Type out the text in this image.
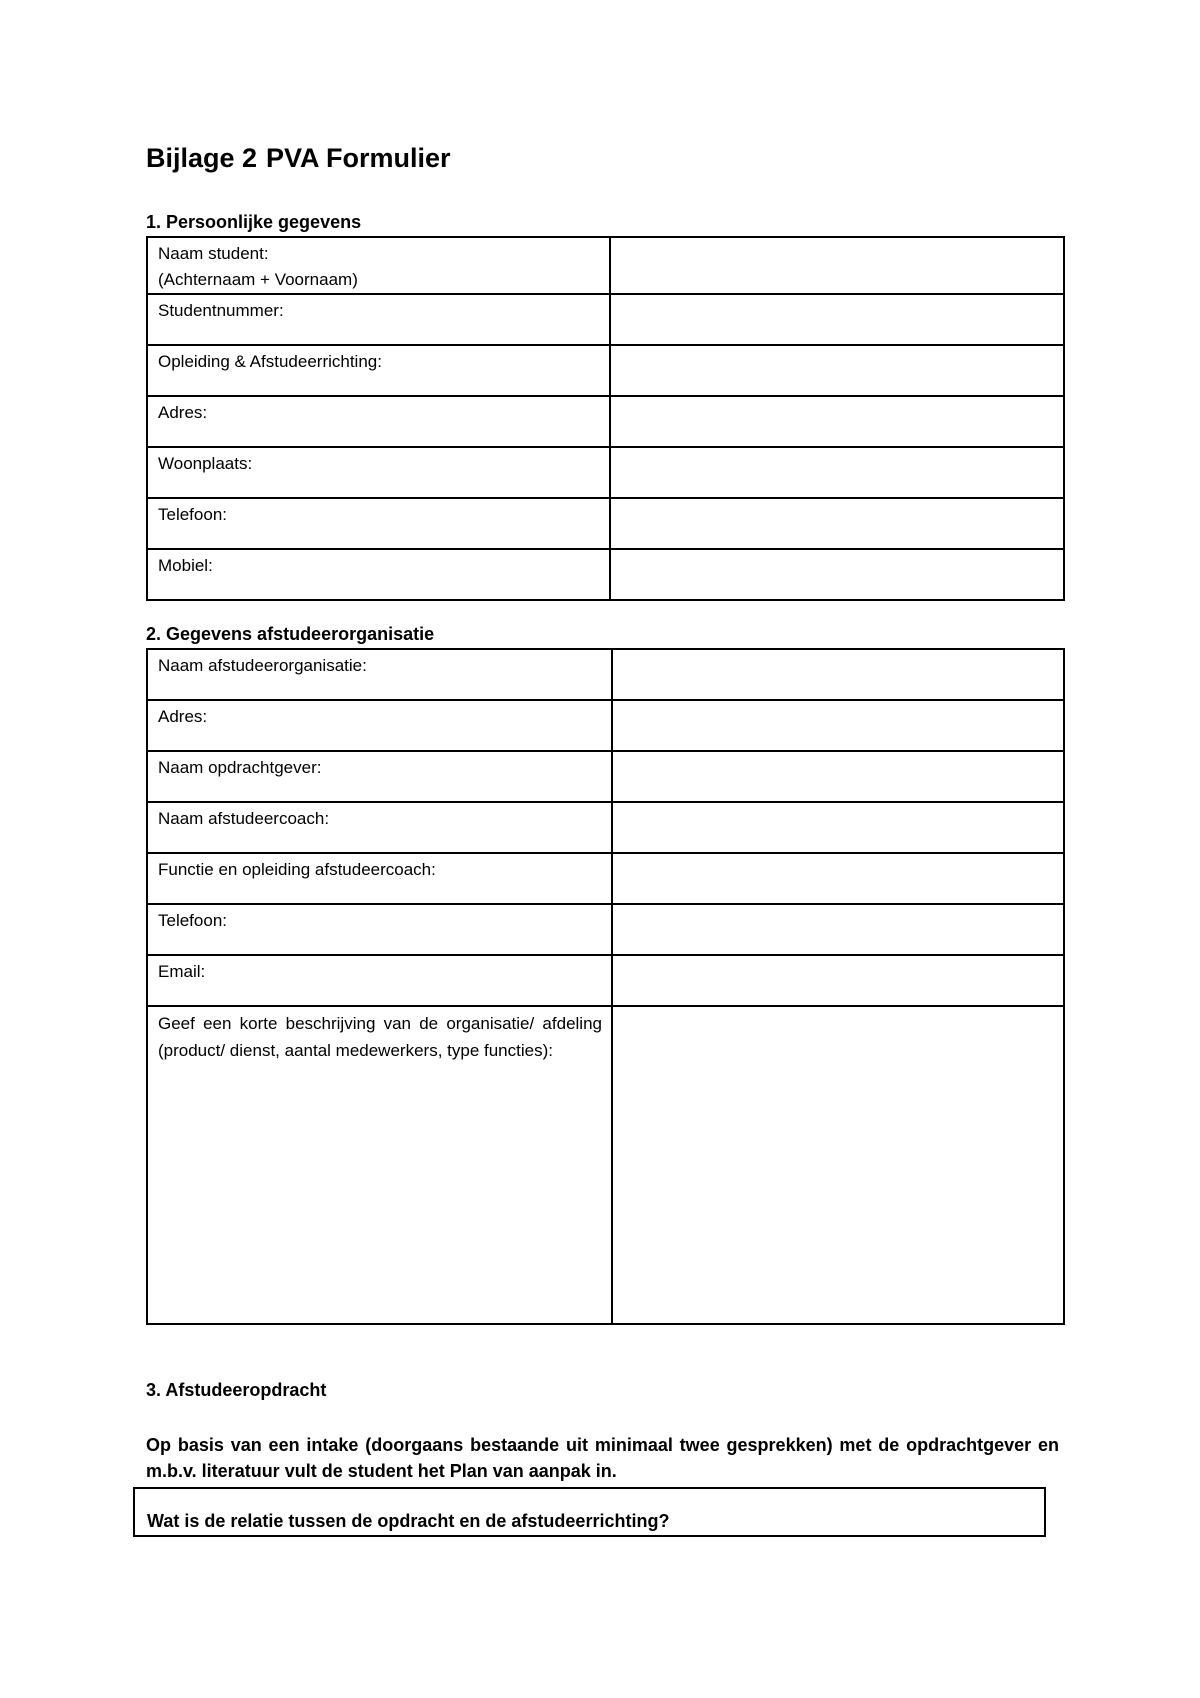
Bijlage 2	PVA Formulier

1. Persoonlijke gegevens

Naam student:
(Achternaam + Voornaam)	

Studentnummer:	
Opleiding & Afstudeerrichting:	
Adres:	
Woonplaats:	
Telefoon:	
Mobiel:	

2. Gegevens afstudeerorganisatie

Naam afstudeerorganisatie:	
Adres:	
Naam opdrachtgever:	
Naam afstudeercoach:	
Functie en opleiding afstudeercoach:	
Telefoon:	
Email:	

Geef een korte beschrijving van de organisatie/ afdeling (product/ dienst, aantal medewerkers, type functies):	

3. Afstudeeropdracht

Op basis van een intake (doorgaans bestaande uit minimaal twee gesprekken) met de opdrachtgever en m.b.v. literatuur vult de student het Plan van aanpak in.

Wat is de relatie tussen de opdracht en de afstudeerrichting?
